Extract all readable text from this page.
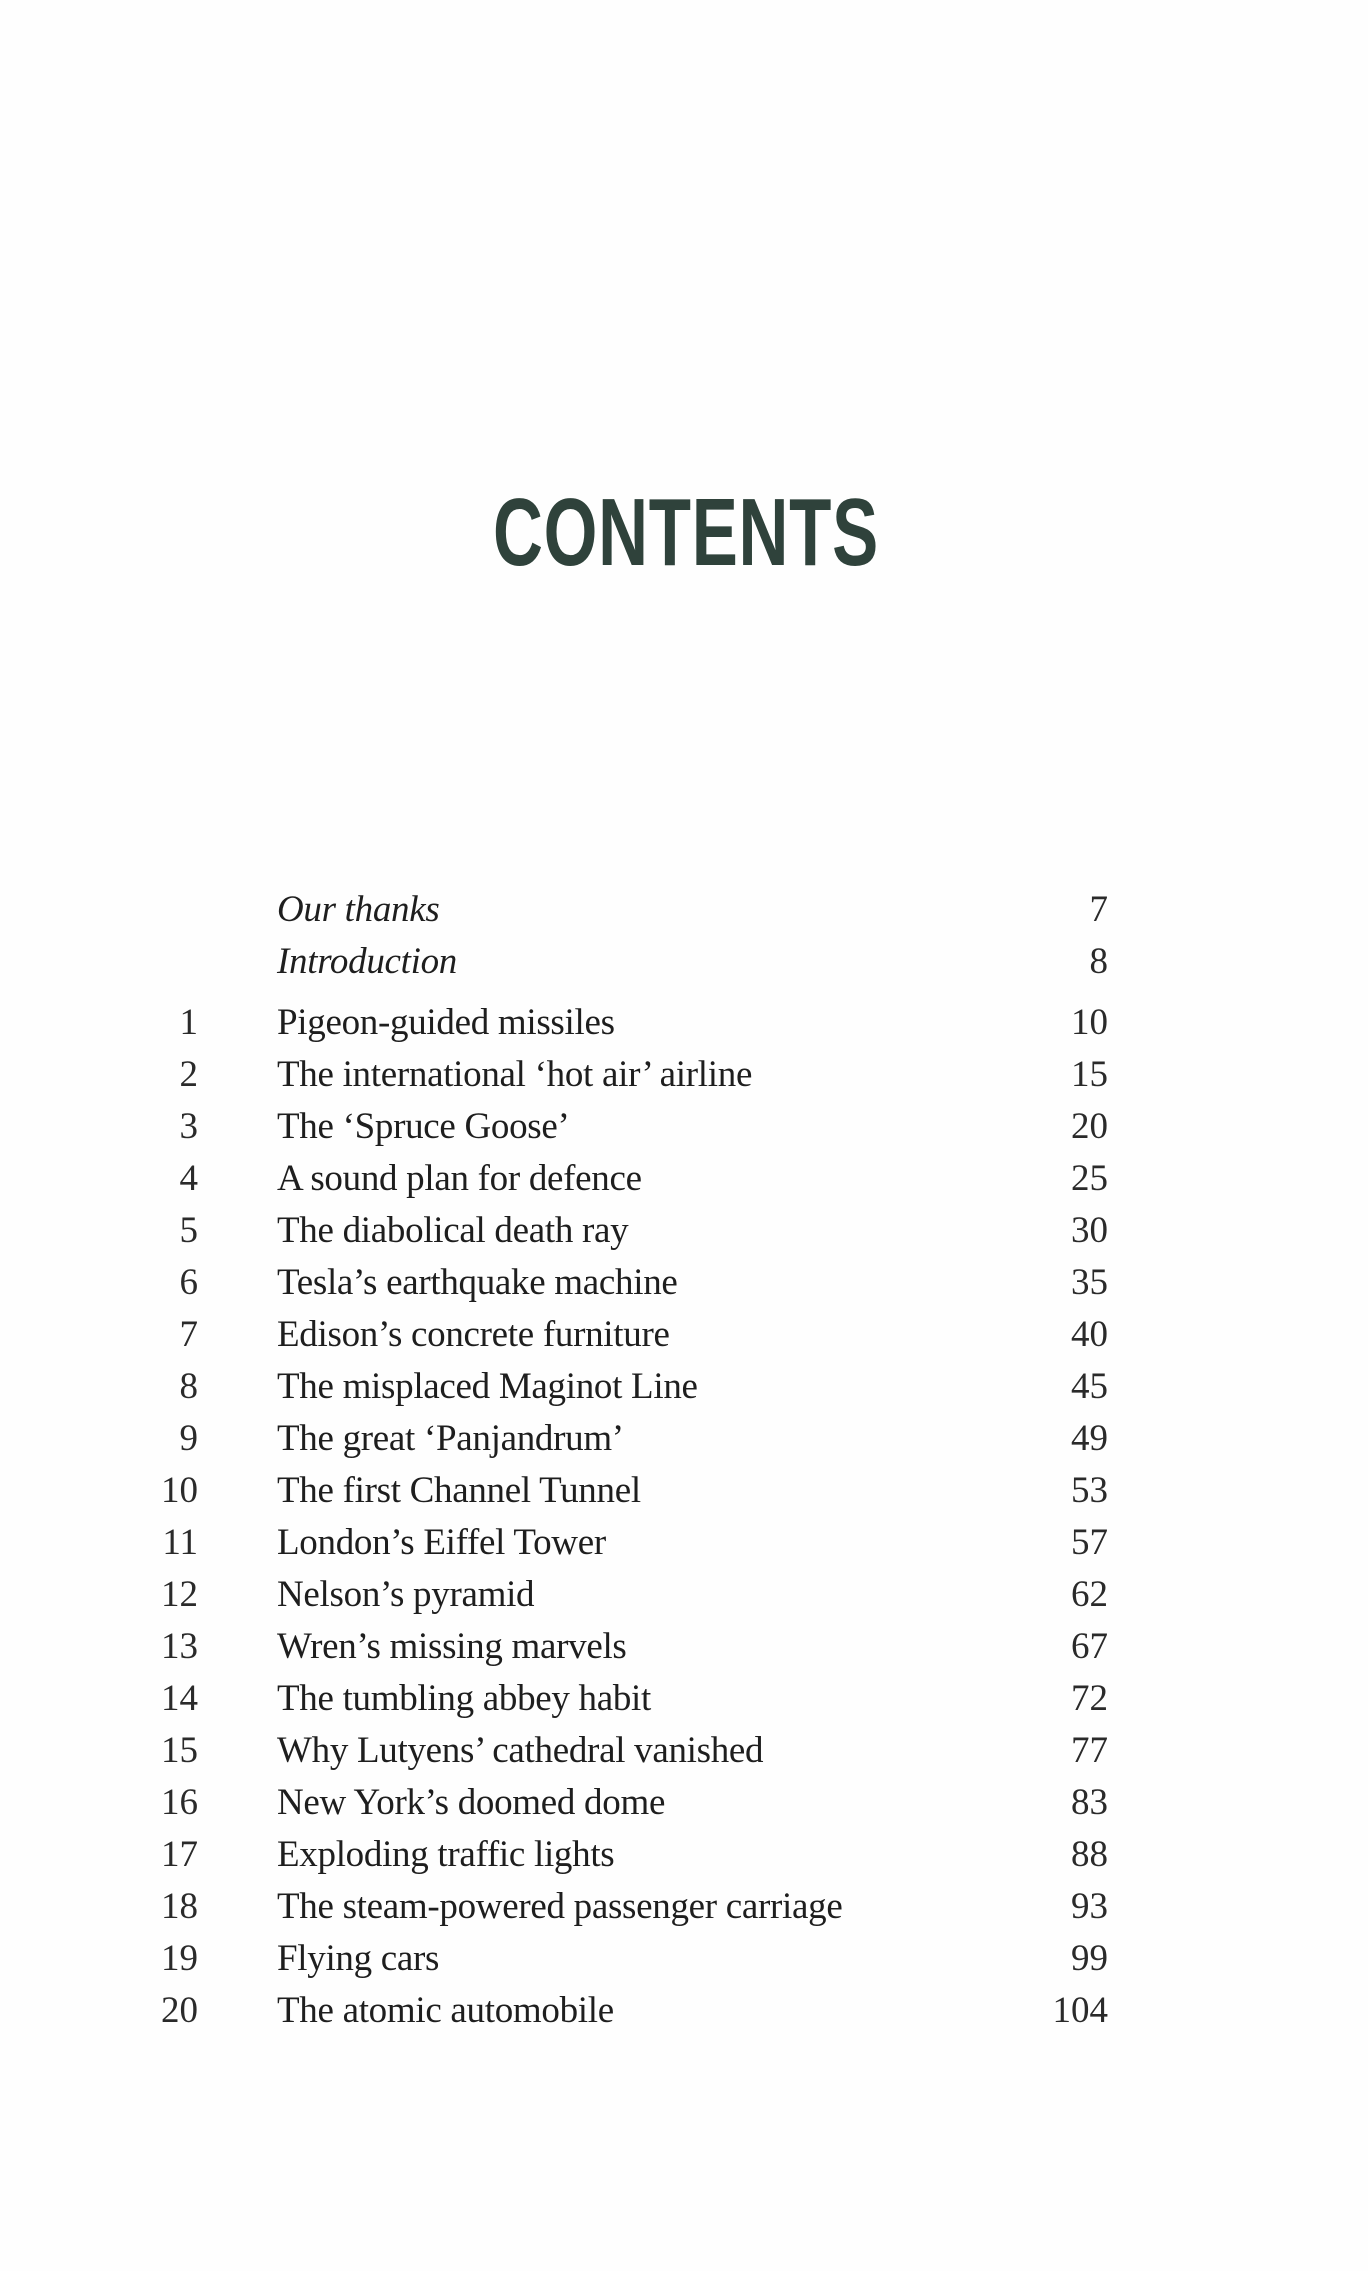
CONTENTS
Our thanks	7
Introduction	8
1 Pigeon-guided missiles	10
2 The international ‘hot air’ airline	15
3 The ‘Spruce Goose’	20
4 A sound plan for defence	25
5 The diabolical death ray	30
6 Tesla’s earthquake machine	35
7 Edison’s concrete furniture	40
8 The misplaced Maginot Line	45
9 The great ‘Panjandrum’	49
10 The first Channel Tunnel	53
11 London’s Eiffel Tower	57
12 Nelson’s pyramid	62
13 Wren’s missing marvels	67
14 The tumbling abbey habit	72
15 Why Lutyens’ cathedral vanished	77
16 New York’s doomed dome	83
17 Exploding traffic lights	88
18 The steam-powered passenger carriage	93
19 Flying cars	99
20 The atomic automobile	104
